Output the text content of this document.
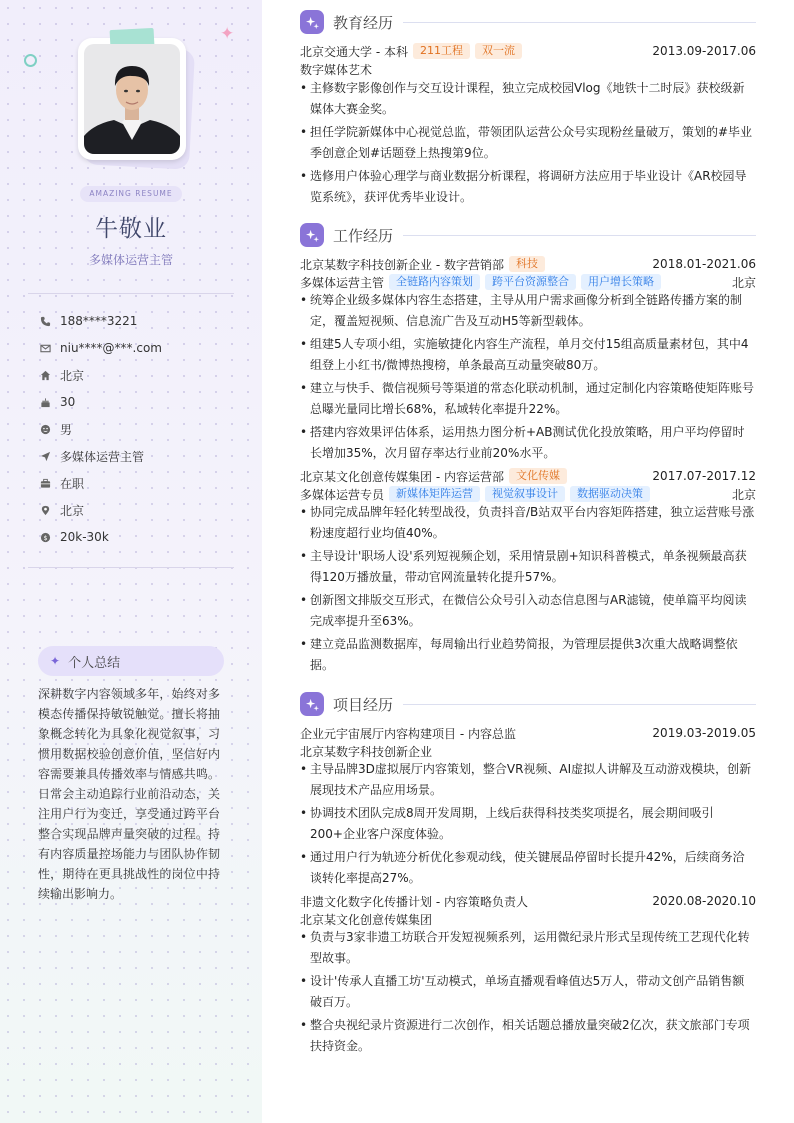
✦
AMAZING RESUME
牛敬业
多媒体运营主管
188****3221
niu****@***.com
北京
30
男
多媒体运营主管
在职
北京
$ 20k-30k
✦ 个人总结
深耕数字内容领域多年，始终对多模态传播保持敏锐触觉。擅长将抽象概念转化为具象化视觉叙事，习惯用数据校验创意价值，坚信好内容需要兼具传播效率与情感共鸣。日常会主动追踪行业前沿动态，关注用户行为变迁，享受通过跨平台整合实现品牌声量突破的过程。持有内容质量控场能力与团队协作韧性，期待在更具挑战性的岗位中持续输出影响力。
教育经历
北京交通大学 - 本科	211工程	双一流	2013.09-2017.06
数字媒体艺术
• 主修数字影像创作与交互设计课程，独立完成校园Vlog《地铁十二时辰》获校级新媒体大赛金奖。
• 担任学院新媒体中心视觉总监，带领团队运营公众号实现粉丝量破万，策划的#毕业季创意企划#话题登上热搜第9位。
• 选修用户体验心理学与商业数据分析课程，将调研方法应用于毕业设计《AR校园导览系统》，获评优秀毕业设计。
工作经历
北京某数字科技创新企业 - 数字营销部	科技	2018.01-2021.06
多媒体运营主管	全链路内容策划	跨平台资源整合	用户增长策略	北京
• 统筹企业级多媒体内容生态搭建，主导从用户需求画像分析到全链路传播方案的制定，覆盖短视频、信息流广告及互动H5等新型载体。
• 组建5人专项小组，实施敏捷化内容生产流程，单月交付15组高质量素材包，其中4组登上小红书/微博热搜榜，单条最高互动量突破80万。
• 建立与快手、微信视频号等渠道的常态化联动机制，通过定制化内容策略使矩阵账号总曝光量同比增长68%，私域转化率提升22%。
• 搭建内容效果评估体系，运用热力图分析+AB测试优化投放策略，用户平均停留时长增加35%，次月留存率达行业前20%水平。
北京某文化创意传媒集团 - 内容运营部	文化传媒	2017.07-2017.12
多媒体运营专员	新媒体矩阵运营	视觉叙事设计	数据驱动决策	北京
• 协同完成品牌年轻化转型战役，负责抖音/B站双平台内容矩阵搭建，独立运营账号涨粉速度超行业均值40%。
• 主导设计'职场人设'系列短视频企划，采用情景剧+知识科普模式，单条视频最高获得120万播放量，带动官网流量转化提升57%。
• 创新图文排版交互形式，在微信公众号引入动态信息图与AR滤镜，使单篇平均阅读完成率提升至63%。
• 建立竞品监测数据库，每周输出行业趋势简报，为管理层提供3次重大战略调整依据。
项目经历
企业元宇宙展厅内容构建项目 - 内容总监	2019.03-2019.05
北京某数字科技创新企业
• 主导品牌3D虚拟展厅内容策划，整合VR视频、AI虚拟人讲解及互动游戏模块，创新展现技术产品应用场景。
• 协调技术团队完成8周开发周期，上线后获得科技类奖项提名，展会期间吸引200+企业客户深度体验。
• 通过用户行为轨迹分析优化参观动线，使关键展品停留时长提升42%，后续商务洽谈转化率提高27%。
非遗文化数字化传播计划 - 内容策略负责人	2020.08-2020.10
北京某文化创意传媒集团
• 负责与3家非遗工坊联合开发短视频系列，运用微纪录片形式呈现传统工艺现代化转型故事。
• 设计'传承人直播工坊'互动模式，单场直播观看峰值达5万人，带动文创产品销售额破百万。
• 整合央视纪录片资源进行二次创作，相关话题总播放量突破2亿次，获文旅部门专项扶持资金。
